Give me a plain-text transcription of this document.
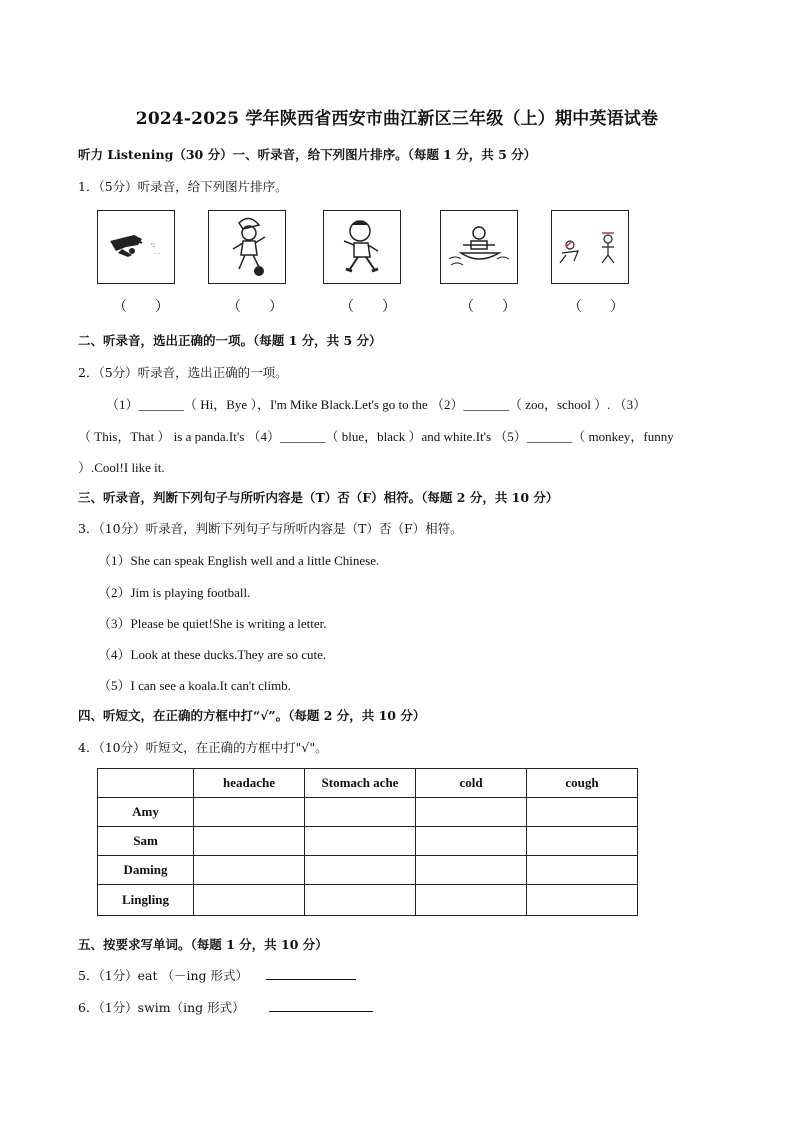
2024-2025 学年陕西省西安市曲江新区三年级（上）期中英语试卷
听力 Listening（30 分）一、听录音，给下列图片排序。（每题 1 分，共 5 分）
1．（5分）听录音，给下列图片排序。
·:
- -
（　　）	（　　）	（　　）	（　　）	（　　）
二、听录音，选出正确的一项。（每题 1 分，共 5 分）
2．（5分）听录音，选出正确的一项。
（1）_______（ Hi，Bye ），I'm Mike Black.Let's go to the （2）_______（ zoo，school ）. （3）
（ This，That ） is a panda.It's （4）_______（ blue，black ）and white.It's （5）_______（ monkey，funny
）.Cool!I like it.
三、听录音，判断下列句子与所听内容是（T）否（F）相符。（每题 2 分，共 10 分）
3．（10分）听录音，判断下列句子与所听内容是（T）否（F）相符。
（1）She can speak English well and a little Chinese.
（2）Jim is playing football.
（3）Please be quiet!She is writing a letter.
（4）Look at these ducks.They are so cute.
（5）I can see a koala.It can't climb.
四、听短文，在正确的方框中打“√”。（每题 2 分，共 10 分）
4．（10分）听短文，在正确的方框中打"√"。
	headache	Stomach ache	cold	cough
Amy				
Sam				
Daming				
Lingling				
五、按要求写单词。（每题 1 分，共 10 分）
5．（1分）eat （－ing 形式）
6．（1分）swim（ing 形式）
